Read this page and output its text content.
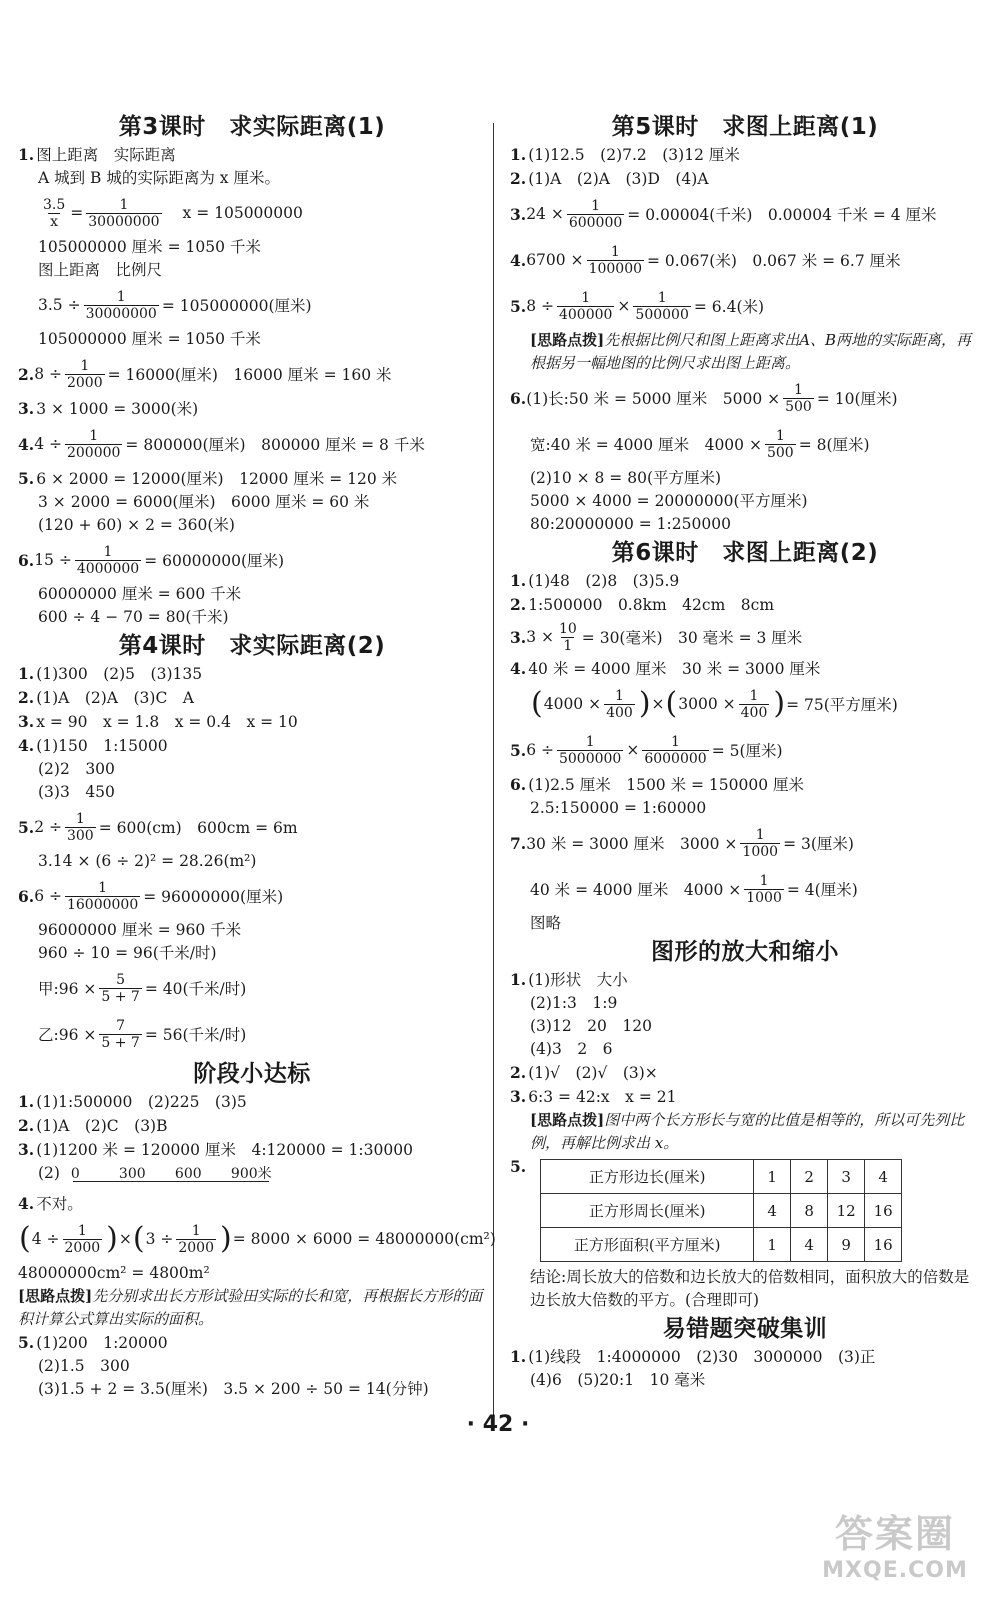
第3课时　求实际距离(1)
1. 图上距离　实际距离
A 城到 B 城的实际距离为 x 厘米。
$\frac{3.5}{x} = \frac{1}{30000000}$ x = 105000000
105000000 厘米 = 1050 千米
图上距离　比例尺
$3.5 \div \frac{1}{30000000} = 105000000$(厘米)
105000000 厘米 = 1050 千米
2. $8 \div \frac{1}{2000} = 16000$(厘米)　16000 厘米 = 160 米
3. 3 × 1000 = 3000(米)
4. $4 \div \frac{1}{200000} = 800000$(厘米)　800000 厘米 = 8 千米
5. 6 × 2000 = 12000(厘米)　12000 厘米 = 120 米
3 × 2000 = 6000(厘米)　6000 厘米 = 60 米
(120 + 60) × 2 = 360(米)
6. $15 \div \frac{1}{4000000} = 60000000$(厘米)
60000000 厘米 = 600 千米
600 ÷ 4 − 70 = 80(千米)
第4课时　求实际距离(2)
1. (1)300　(2)5　(3)135
2. (1)A　(2)A　(3)C　A
3. x = 90　x = 1.8　x = 0.4　x = 10
4. (1)150　1:15000
(2)2　300
(3)3　450
5. $2 \div \frac{1}{300} = 600(cm)$　600cm = 6m
3.14 × (6 ÷ 2)² = 28.26(m²)
6. $6 \div \frac{1}{16000000} = 96000000$(厘米)
96000000 厘米 = 960 千米
960 ÷ 10 = 96(千米/时)
甲:96 × $\frac{5}{5 + 7} = 40$(千米/时)
乙:96 × $\frac{7}{5 + 7} = 56$(千米/时)
阶段小达标
1. (1)1:500000　(2)225　(3)5
2. (1)A　(2)C　(3)B
3. (1)1200 米 = 120000 厘米　4:120000 = 1:30000
(2) 0	300 600 900米
4. 不对。
( $4 \div \frac{1}{2000}$ ) × ( $3 \div \frac{1}{2000}$ ) = 8000 × 6000 = 48000000(cm²)
48000000cm² = 4800m²
[思路点拨]先分别求出长方形试验田实际的长和宽，再根据长方形的面积计算公式算出实际的面积。
5. (1)200　1:20000
(2)1.5　300
(3)1.5 + 2 = 3.5(厘米)　3.5 × 200 ÷ 50 = 14(分钟)
第5课时　求图上距离(1)
1. (1)12.5　(2)7.2　(3)12 厘米
2. (1)A　(2)A　(3)D　(4)A
3. $24 \times \frac{1}{600000} = 0.00004$(千米)　0.00004 千米 = 4 厘米
4. $6700 \times \frac{1}{100000} = 0.067$(米)　0.067 米 = 6.7 厘米
5. $8 \div \frac{1}{400000} \times \frac{1}{500000} = 6.4$(米)
[思路点拨]先根据比例尺和图上距离求出A、B两地的实际距离，再根据另一幅地图的比例尺求出图上距离。
6. (1)长:50 米 = 5000 厘米　$5000 \times \frac{1}{500} = 10$(厘米)
宽:40 米 = 4000 厘米　$4000 \times \frac{1}{500} = 8$(厘米)
(2)10 × 8 = 80(平方厘米)
5000 × 4000 = 20000000(平方厘米)
80:20000000 = 1:250000
第6课时　求图上距离(2)
1. (1)48　(2)8　(3)5.9
2. 1:500000　0.8km　42cm　8cm
3. $3 \times \frac{10}{1} = 30$(毫米)　30 毫米 = 3 厘米
4. 40 米 = 4000 厘米　30 米 = 3000 厘米
( $4000 \times \frac{1}{400}$ ) × ( $3000 \times \frac{1}{400}$ ) = 75(平方厘米)
5. $6 \div \frac{1}{5000000} \times \frac{1}{6000000} = 5$(厘米)
6. (1)2.5 厘米　1500 米 = 150000 厘米
2.5:150000 = 1:60000
7. 30 米 = 3000 厘米　$3000 \times \frac{1}{1000} = 3$(厘米)
40 米 = 4000 厘米　$4000 \times \frac{1}{1000} = 4$(厘米)
图略
图形的放大和缩小
1. (1)形状　大小
(2)1:3　1:9
(3)12　20　120
(4)3　2　6
2. (1)√　(2)√　(3)×
3. 6:3 = 42:x　x = 21
[思路点拨]图中两个长方形长与宽的比值是相等的，所以可先列比例，再解比例求出 x。
5.
正方形边长(厘米)	1	2	3	4
正方形周长(厘米)	4	8	12	16
正方形面积(平方厘米)	1	4	9	16
结论:周长放大的倍数和边长放大的倍数相同，面积放大的倍数是边长放大倍数的平方。(合理即可)
易错题突破集训
1. (1)线段　1:4000000　(2)30　3000000　(3)正
(4)6　(5)20:1　10 毫米
· 42 ·
答案圈
MXQE.COM
